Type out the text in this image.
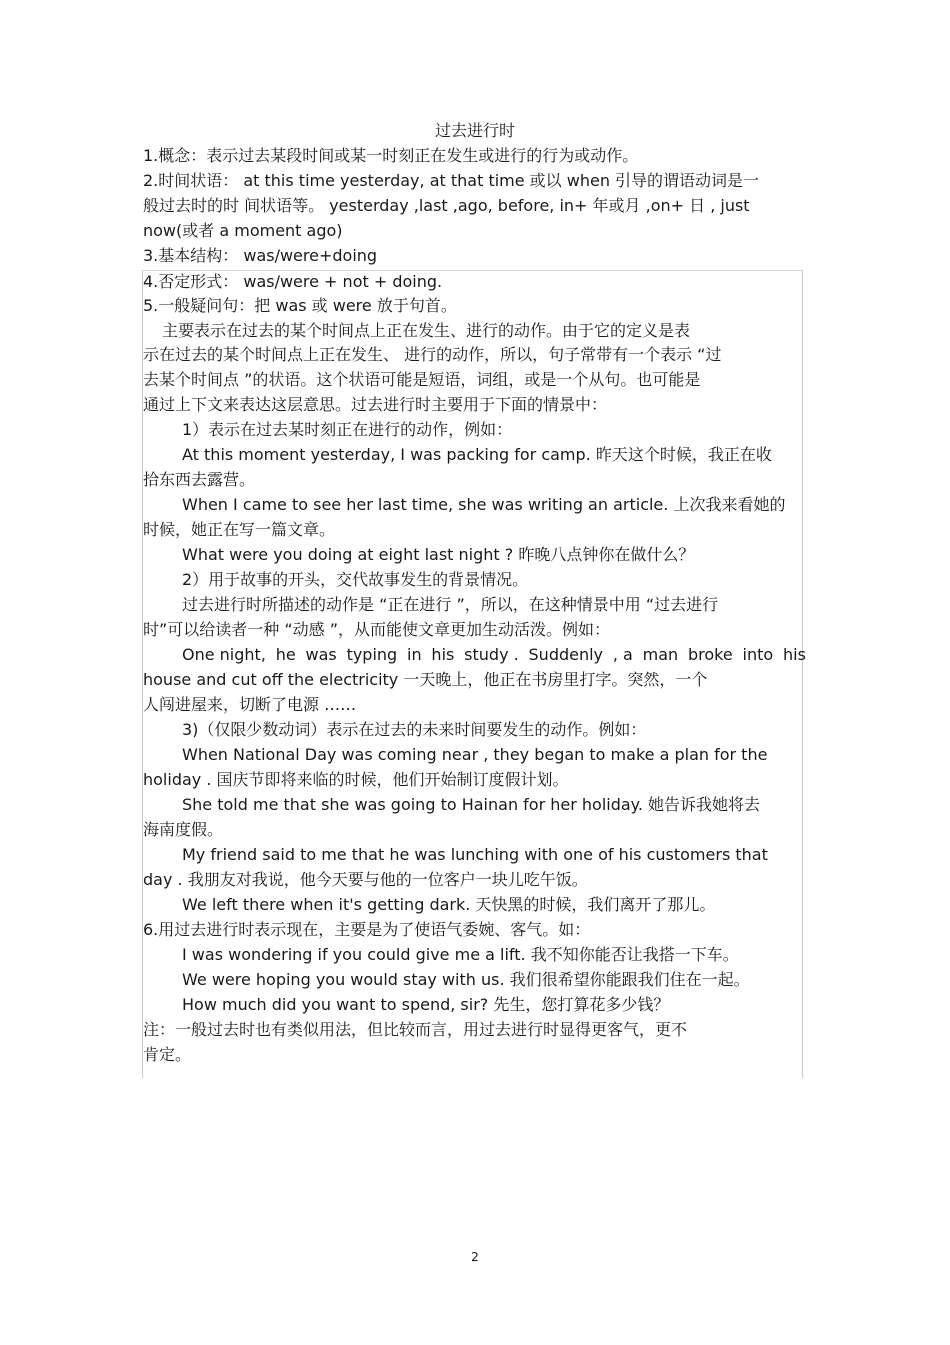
过去进行时
1.概念：表示过去某段时间或某一时刻正在发生或进行的行为或动作。
2.时间状语： at this time yesterday, at that time 或以 when 引导的谓语动词是一
般过去时的时 间状语等。 yesterday ,last ,ago, before, in+ 年或月 ,on+ 日 , just
now(或者 a moment ago)
3.基本结构： was/were+doing
4.否定形式： was/were + not + doing.
5.一般疑问句：把 was 或 were 放于句首。
主要表示在过去的某个时间点上正在发生、进行的动作。由于它的定义是表
示在过去的某个时间点上正在发生、 进行的动作，所以，句子常带有一个表示 “过
去某个时间点 ”的状语。这个状语可能是短语，词组，或是一个从句。也可能是
通过上下文来表达这层意思。过去进行时主要用于下面的情景中：
1）表示在过去某时刻正在进行的动作，例如：
At this moment yesterday, I was packing for camp. 昨天这个时候，我正在收
拾东西去露营。
When I came to see her last time, she was writing an article. 上次我来看她的
时候，她正在写一篇文章。
What were you doing at eight last night ? 昨晚八点钟你在做什么？
2）用于故事的开头，交代故事发生的背景情况。
过去进行时所描述的动作是 “正在进行 ”，所以，在这种情景中用 “过去进行
时”可以给读者一种 “动感 ”，从而能使文章更加生动活泼。例如：
One night, he was typing in his study . Suddenly , a man broke into his
house and cut off the electricity 一天晚上，他正在书房里打字。突然，一个
人闯进屋来，切断了电源 ……
3)（仅限少数动词）表示在过去的未来时间要发生的动作。例如：
When National Day was coming near , they began to make a plan for the
holiday . 国庆节即将来临的时候，他们开始制订度假计划。
She told me that she was going to Hainan for her holiday. 她告诉我她将去
海南度假。
My friend said to me that he was lunching with one of his customers that
day . 我朋友对我说，他今天要与他的一位客户一块儿吃午饭。
We left there when it's getting dark. 天快黑的时候，我们离开了那儿。
6.用过去进行时表示现在，主要是为了使语气委婉、客气。如：
I was wondering if you could give me a lift. 我不知你能否让我搭一下车。
We were hoping you would stay with us. 我们很希望你能跟我们住在一起。
How much did you want to spend, sir? 先生，您打算花多少钱？
注：一般过去时也有类似用法，但比较而言，用过去进行时显得更客气，更不
肯定。
2
